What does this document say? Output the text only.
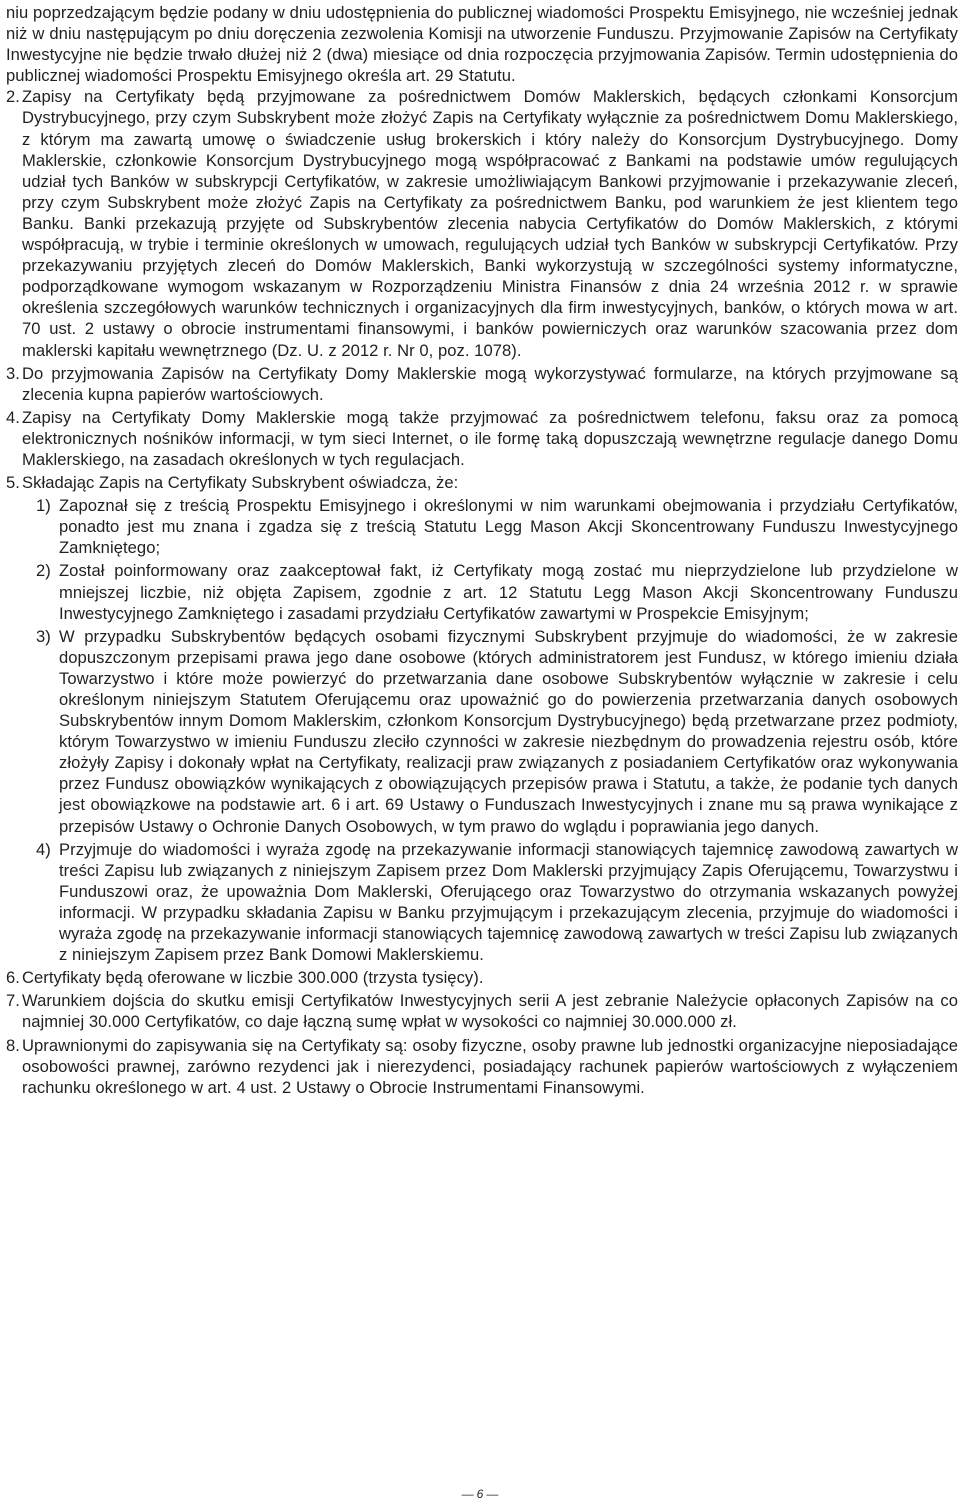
niu poprzedzającym będzie podany w dniu udostępnienia do publicznej wiadomości Prospektu Emisyjnego, nie wcześniej jednak niż w dniu następującym po dniu doręczenia zezwolenia Komisji na utworzenie Funduszu. Przyjmowanie Zapisów na Certyfikaty Inwestycyjne nie będzie trwało dłużej niż 2 (dwa) miesiące od dnia rozpoczęcia przyjmowania Zapisów. Termin udostępnienia do publicznej wiadomości Prospektu Emisyjnego określa art. 29 Statutu.

2. Zapisy na Certyfikaty będą przyjmowane za pośrednictwem Domów Maklerskich, będących członkami Konsorcjum Dystrybucyjnego, przy czym Subskrybent może złożyć Zapis na Certyfikaty wyłącznie za pośrednictwem Domu Maklerskiego, z którym ma zawartą umowę o świadczenie usług brokerskich i który należy do Konsorcjum Dystrybucyjnego. Domy Maklerskie, członkowie Konsorcjum Dystrybucyjnego mogą współpracować z Bankami na podstawie umów regulujących udział tych Banków w subskrypcji Certyfikatów, w zakresie umożliwiającym Bankowi przyjmowanie i przekazywanie zleceń, przy czym Subskrybent może złożyć Zapis na Certyfikaty za pośrednictwem Banku, pod warunkiem że jest klientem tego Banku. Banki przekazują przyjęte od Subskrybentów zlecenia nabycia Certyfikatów do Domów Maklerskich, z którymi współpracują, w trybie i terminie określonych w umowach, regulujących udział tych Banków w subskrypcji Certyfikatów. Przy przekazywaniu przyjętych zleceń do Domów Maklerskich, Banki wykorzystują w szczególności systemy informatyczne, podporządkowane wymogom wskazanym w Rozporządzeniu Ministra Finansów z dnia 24 września 2012 r. w sprawie określenia szczegółowych warunków technicznych i organizacyjnych dla firm inwestycyjnych, banków, o których mowa w art. 70 ust. 2 ustawy o obrocie instrumentami finansowymi, i banków powierniczych oraz warunków szacowania przez dom maklerski kapitału wewnętrznego (Dz. U. z 2012 r. Nr 0, poz. 1078).

3. Do przyjmowania Zapisów na Certyfikaty Domy Maklerskie mogą wykorzystywać formularze, na których przyjmowane są zlecenia kupna papierów wartościowych.

4. Zapisy na Certyfikaty Domy Maklerskie mogą także przyjmować za pośrednictwem telefonu, faksu oraz za pomocą elektronicznych nośników informacji, w tym sieci Internet, o ile formę taką dopuszczają wewnętrzne regulacje danego Domu Maklerskiego, na zasadach określonych w tych regulacjach.

5. Składając Zapis na Certyfikaty Subskrybent oświadcza, że:

1) Zapoznał się z treścią Prospektu Emisyjnego i określonymi w nim warunkami obejmowania i przydziału Certyfikatów, ponadto jest mu znana i zgadza się z treścią Statutu Legg Mason Akcji Skoncentrowany Funduszu Inwestycyjnego Zamkniętego;

2) Został poinformowany oraz zaakceptował fakt, iż Certyfikaty mogą zostać mu nieprzydzielone lub przydzielone w mniejszej liczbie, niż objęta Zapisem, zgodnie z art. 12 Statutu Legg Mason Akcji Skoncentrowany Funduszu Inwestycyjnego Zamkniętego i zasadami przydziału Certyfikatów zawartymi w Prospekcie Emisyjnym;

3) W przypadku Subskrybentów będących osobami fizycznymi Subskrybent przyjmuje do wiadomości, że w zakresie dopuszczonym przepisami prawa jego dane osobowe (których administratorem jest Fundusz, w którego imieniu działa Towarzystwo i które może powierzyć do przetwarzania dane osobowe Subskrybentów wyłącznie w zakresie i celu określonym niniejszym Statutem Oferującemu oraz upoważnić go do powierzenia przetwarzania danych osobowych Subskrybentów innym Domom Maklerskim, członkom Konsorcjum Dystrybucyjnego) będą przetwarzane przez podmioty, którym Towarzystwo w imieniu Funduszu zleciło czynności w zakresie niezbędnym do prowadzenia rejestru osób, które złożyły Zapisy i dokonały wpłat na Certyfikaty, realizacji praw związanych z posiadaniem Certyfikatów oraz wykonywania przez Fundusz obowiązków wynikających z obowiązujących przepisów prawa i Statutu, a także, że podanie tych danych jest obowiązkowe na podstawie art. 6 i art. 69 Ustawy o Funduszach Inwestycyjnych i znane mu są prawa wynikające z przepisów Ustawy o Ochronie Danych Osobowych, w tym prawo do wglądu i poprawiania jego danych.

4) Przyjmuje do wiadomości i wyraża zgodę na przekazywanie informacji stanowiących tajemnicę zawodową zawartych w treści Zapisu lub związanych z niniejszym Zapisem przez Dom Maklerski przyjmujący Zapis Oferującemu, Towarzystwu i Funduszowi oraz, że upoważnia Dom Maklerski, Oferującego oraz Towarzystwo do otrzymania wskazanych powyżej informacji. W przypadku składania Zapisu w Banku przyjmującym i przekazującym zlecenia, przyjmuje do wiadomości i wyraża zgodę na przekazywanie informacji stanowiących tajemnicę zawodową zawartych w treści Zapisu lub związanych z niniejszym Zapisem przez Bank Domowi Maklerskiemu.

6. Certyfikaty będą oferowane w liczbie 300.000 (trzysta tysięcy).

7. Warunkiem dojścia do skutku emisji Certyfikatów Inwestycyjnych serii A jest zebranie Należycie opłaconych Zapisów na co najmniej 30.000 Certyfikatów, co daje łączną sumę wpłat w wysokości co najmniej 30.000.000 zł.

8. Uprawnionymi do zapisywania się na Certyfikaty są: osoby fizyczne, osoby prawne lub jednostki organizacyjne nieposiadające osobowości prawnej, zarówno rezydenci jak i nierezydenci, posiadający rachunek papierów wartościowych z wyłączeniem rachunku określonego w art. 4 ust. 2 Ustawy o Obrocie Instrumentami Finansowymi.

— 6 —
